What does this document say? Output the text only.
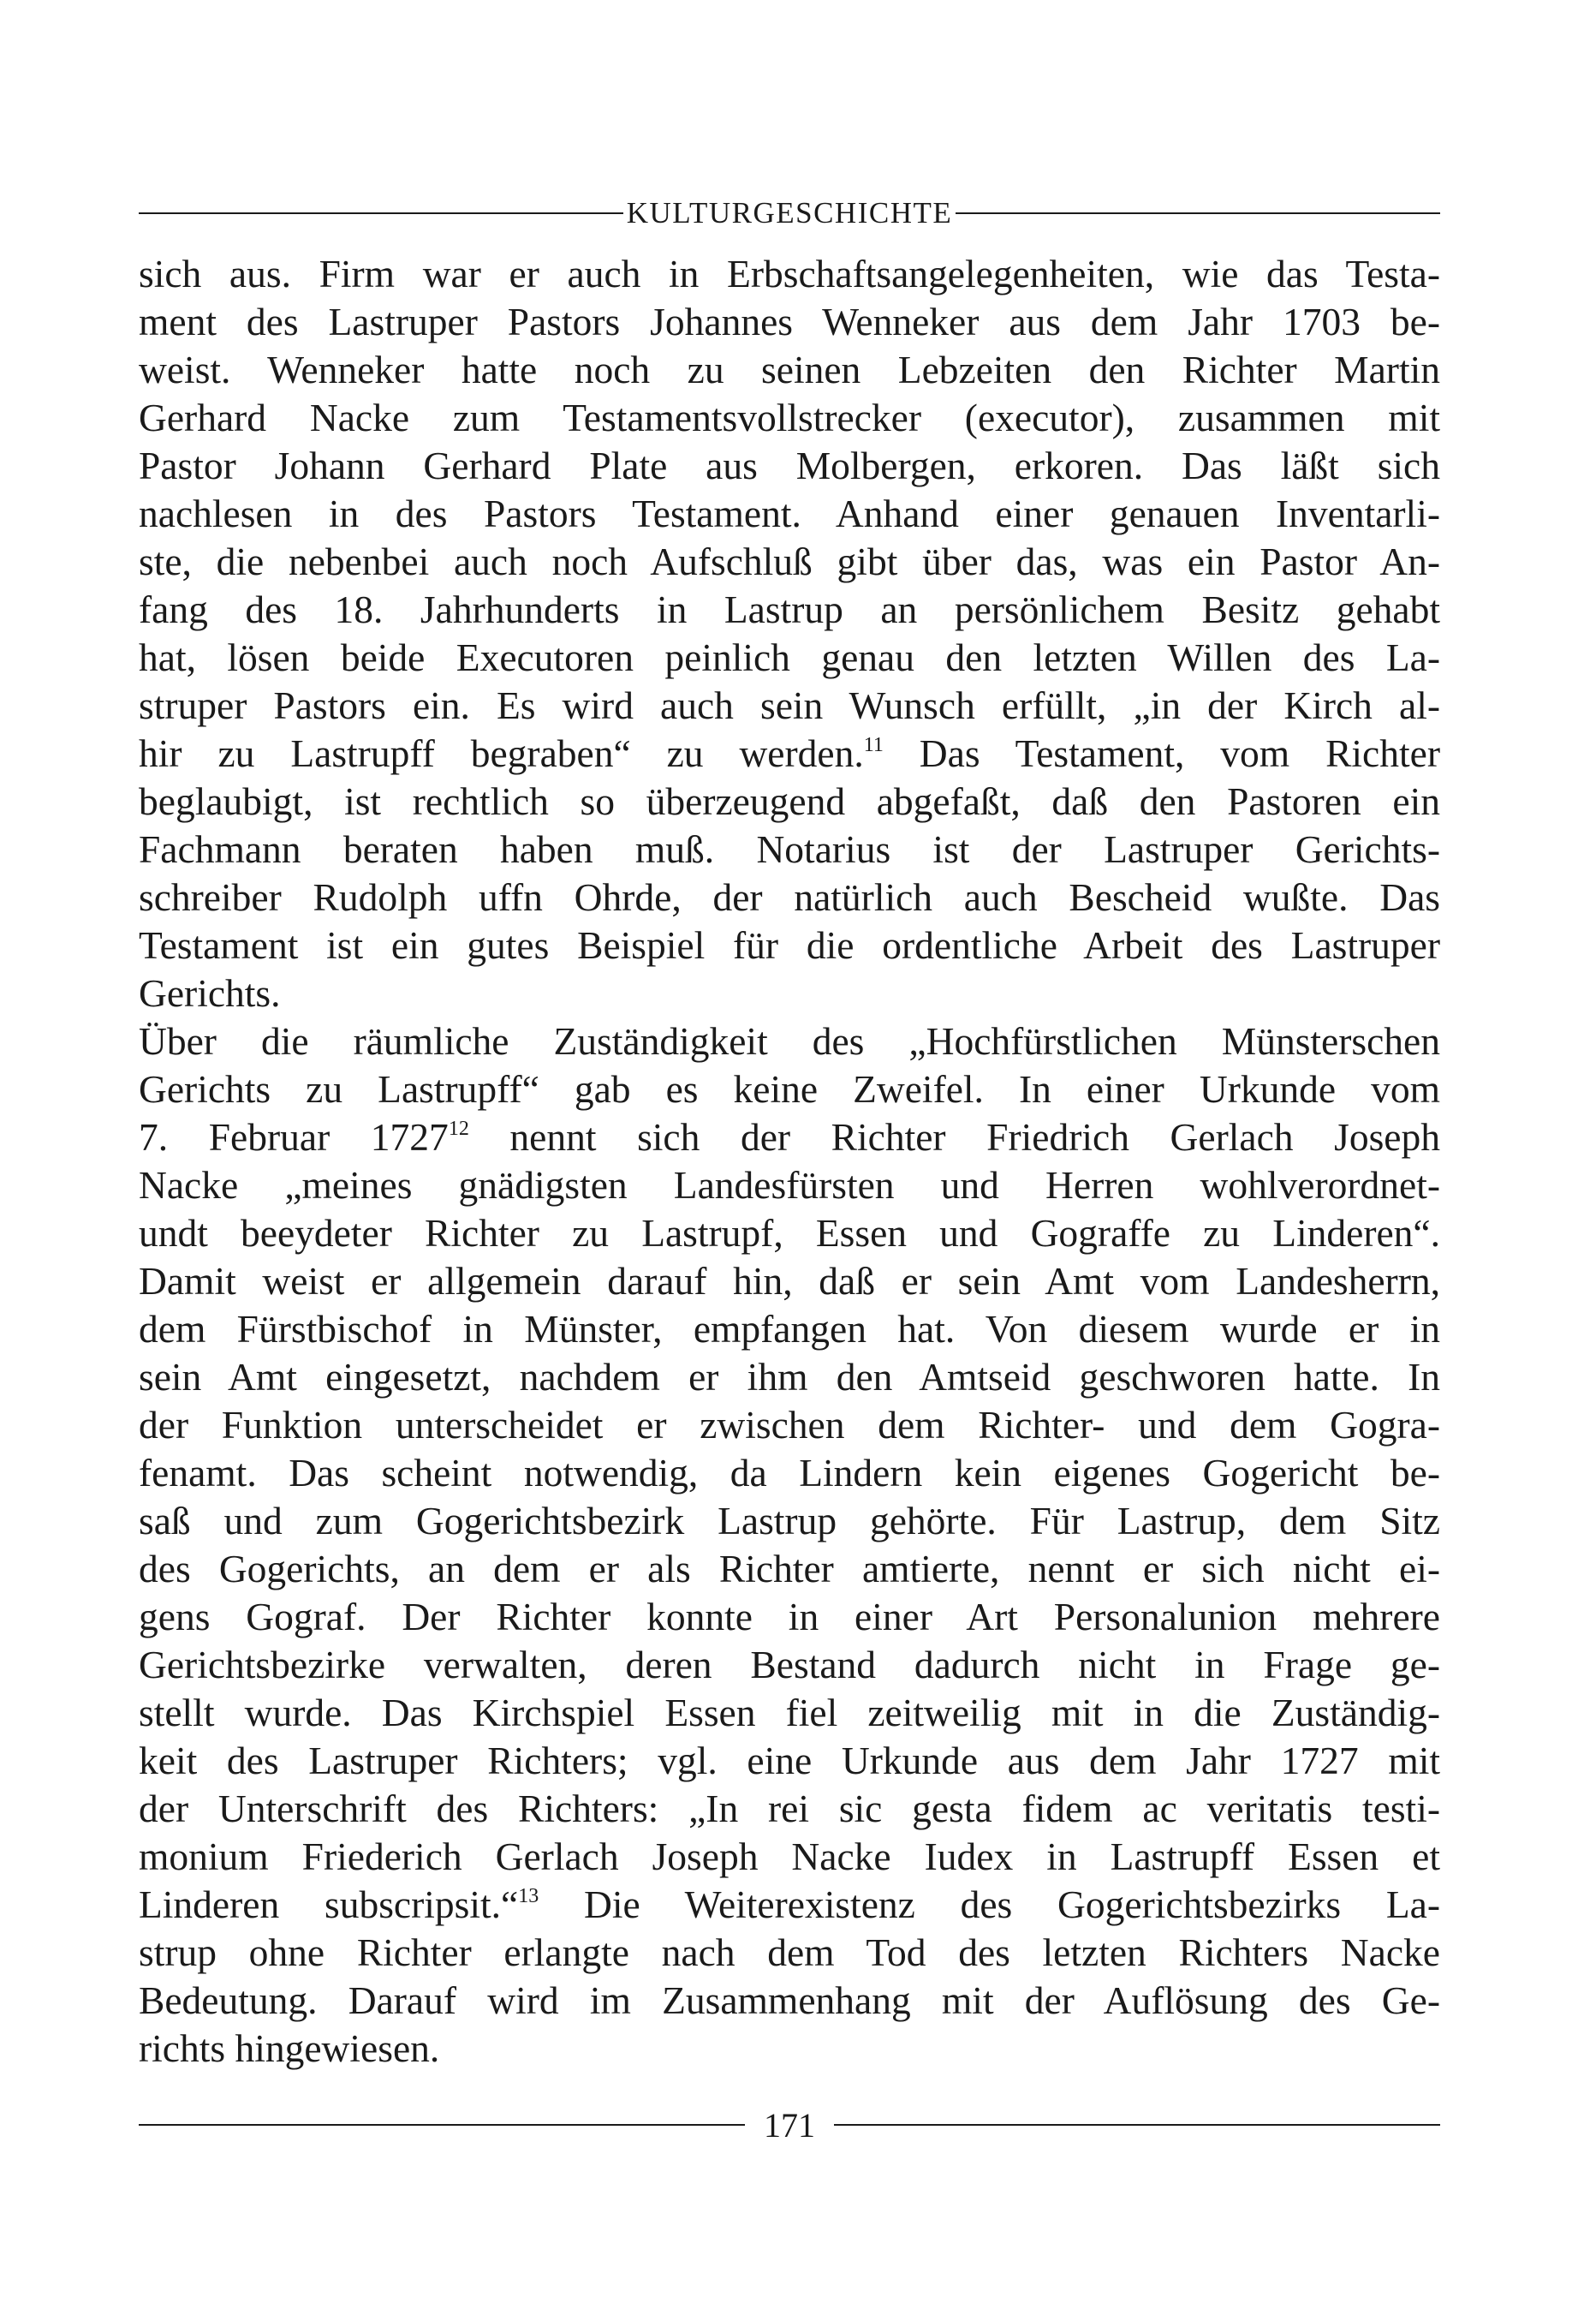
KULTURGESCHICHTE

sich aus. Firm war er auch in Erbschaftsangelegenheiten, wie das Testa-
ment des Lastruper Pastors Johannes Wenneker aus dem Jahr 1703 be-
weist. Wenneker hatte noch zu seinen Lebzeiten den Richter Martin
Gerhard Nacke zum Testamentsvollstrecker (executor), zusammen mit
Pastor Johann Gerhard Plate aus Molbergen, erkoren. Das läßt sich
nachlesen in des Pastors Testament. Anhand einer genauen Inventarli-
ste, die nebenbei auch noch Aufschluß gibt über das, was ein Pastor An-
fang des 18. Jahrhunderts in Lastrup an persönlichem Besitz gehabt
hat, lösen beide Executoren peinlich genau den letzten Willen des La-
struper Pastors ein. Es wird auch sein Wunsch erfüllt, „in der Kirch al-
hir zu Lastrupff begraben“ zu werden.$^{11}$ Das Testament, vom Richter
beglaubigt, ist rechtlich so überzeugend abgefaßt, daß den Pastoren ein
Fachmann beraten haben muß. Notarius ist der Lastruper Gerichts-
schreiber Rudolph uffn Ohrde, der natürlich auch Bescheid wußte. Das
Testament ist ein gutes Beispiel für die ordentliche Arbeit des Lastruper
Gerichts.

Über die räumliche Zuständigkeit des „Hochfürstlichen Münsterschen
Gerichts zu Lastrupff“ gab es keine Zweifel. In einer Urkunde vom
7. Februar 1727$^{12}$ nennt sich der Richter Friedrich Gerlach Joseph
Nacke „meines gnädigsten Landesfürsten und Herren wohlverordnet-
undt beeydeter Richter zu Lastrupf, Essen und Gograffe zu Linderen“.
Damit weist er allgemein darauf hin, daß er sein Amt vom Landesherrn,
dem Fürstbischof in Münster, empfangen hat. Von diesem wurde er in
sein Amt eingesetzt, nachdem er ihm den Amtseid geschworen hatte. In
der Funktion unterscheidet er zwischen dem Richter- und dem Gogra-
fenamt. Das scheint notwendig, da Lindern kein eigenes Gogericht be-
saß und zum Gogerichtsbezirk Lastrup gehörte. Für Lastrup, dem Sitz
des Gogerichts, an dem er als Richter amtierte, nennt er sich nicht ei-
gens Gograf. Der Richter konnte in einer Art Personalunion mehrere
Gerichtsbezirke verwalten, deren Bestand dadurch nicht in Frage ge-
stellt wurde. Das Kirchspiel Essen fiel zeitweilig mit in die Zuständig-
keit des Lastruper Richters; vgl. eine Urkunde aus dem Jahr 1727 mit
der Unterschrift des Richters: „In rei sic gesta fidem ac veritatis testi-
monium Friederich Gerlach Joseph Nacke Iudex in Lastrupff Essen et
Linderen subscripsit.“$^{13}$ Die Weiterexistenz des Gogerichtsbezirks La-
strup ohne Richter erlangte nach dem Tod des letzten Richters Nacke
Bedeutung. Darauf wird im Zusammenhang mit der Auflösung des Ge-
richts hingewiesen.

171
